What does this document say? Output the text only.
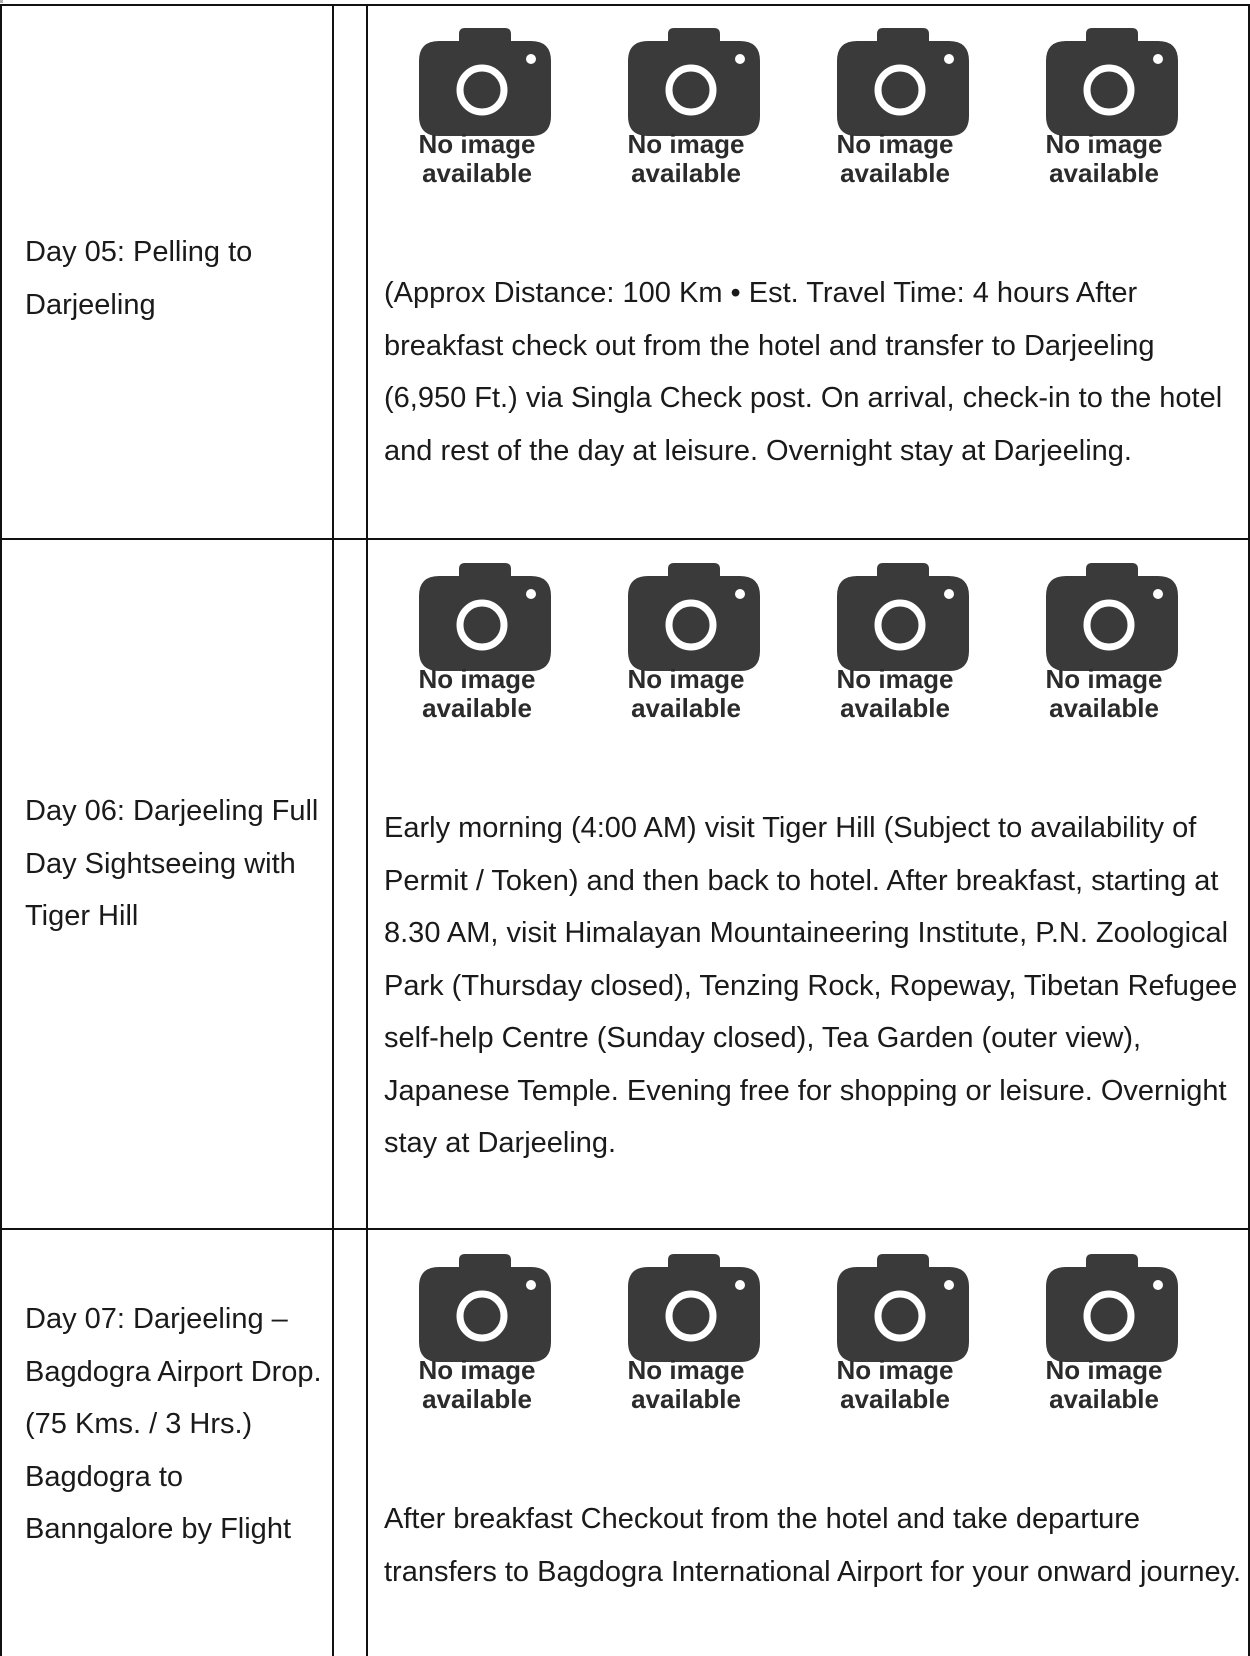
Day 05: Pelling to Darjeeling
No image
available
No image
available
No image
available
No image
available
(Approx Distance: 100 Km • Est. Travel Time: 4 hours After breakfast check out from the hotel and transfer to Darjeeling (6,950 Ft.) via Singla Check post. On arrival, check-in to the hotel and rest of the day at leisure. Overnight stay at Darjeeling.
Day 06: Darjeeling Full Day Sightseeing with Tiger Hill
No image
available
No image
available
No image
available
No image
available
Early morning (4:00 AM) visit Tiger Hill (Subject to availability of Permit / Token) and then back to hotel. After breakfast, starting at 8.30 AM, visit Himalayan Mountaineering Institute, P.N. Zoological Park (Thursday closed), Tenzing Rock, Ropeway, Tibetan Refugee self-help Centre (Sunday closed), Tea Garden (outer view), Japanese Temple. Evening free for shopping or leisure. Overnight stay at Darjeeling.
Day 07: Darjeeling –Bagdogra Airport Drop. (75 Kms. / 3 Hrs.) Bagdogra to Banngalore by Flight
No image
available
No image
available
No image
available
No image
available
After breakfast Checkout from the hotel and take departure transfers to Bagdogra International Airport for your onward journey.
